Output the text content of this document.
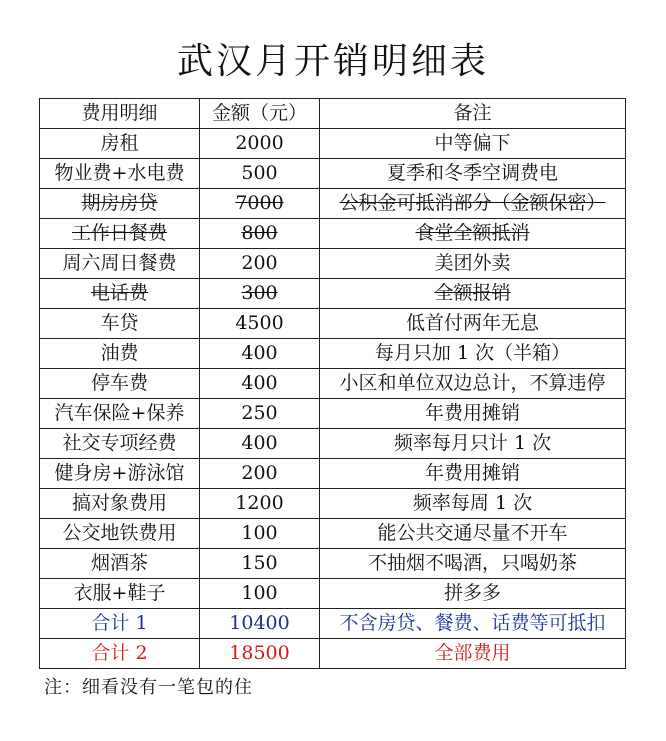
武汉月开销明细表
费用明细	金额（元）	备注
房租	2000	中等偏下
物业费+水电费	500	夏季和冬季空调费电
期房房贷	7000	公积金可抵消部分（金额保密）
工作日餐费	800	食堂全额抵消
周六周日餐费	200	美团外卖
电话费	300	全额报销
车贷	4500	低首付两年无息
油费	400	每月只加 1 次（半箱）
停车费	400	小区和单位双边总计，不算违停
汽车保险+保养	250	年费用摊销
社交专项经费	400	频率每月只计 1 次
健身房+游泳馆	200	年费用摊销
搞对象费用	1200	频率每周 1 次
公交地铁费用	100	能公共交通尽量不开车
烟酒茶	150	不抽烟不喝酒，只喝奶茶
衣服+鞋子	100	拼多多
合计 1	10400	不含房贷、餐费、话费等可抵扣
合计 2	18500	全部费用
注：细看没有一笔包的住
